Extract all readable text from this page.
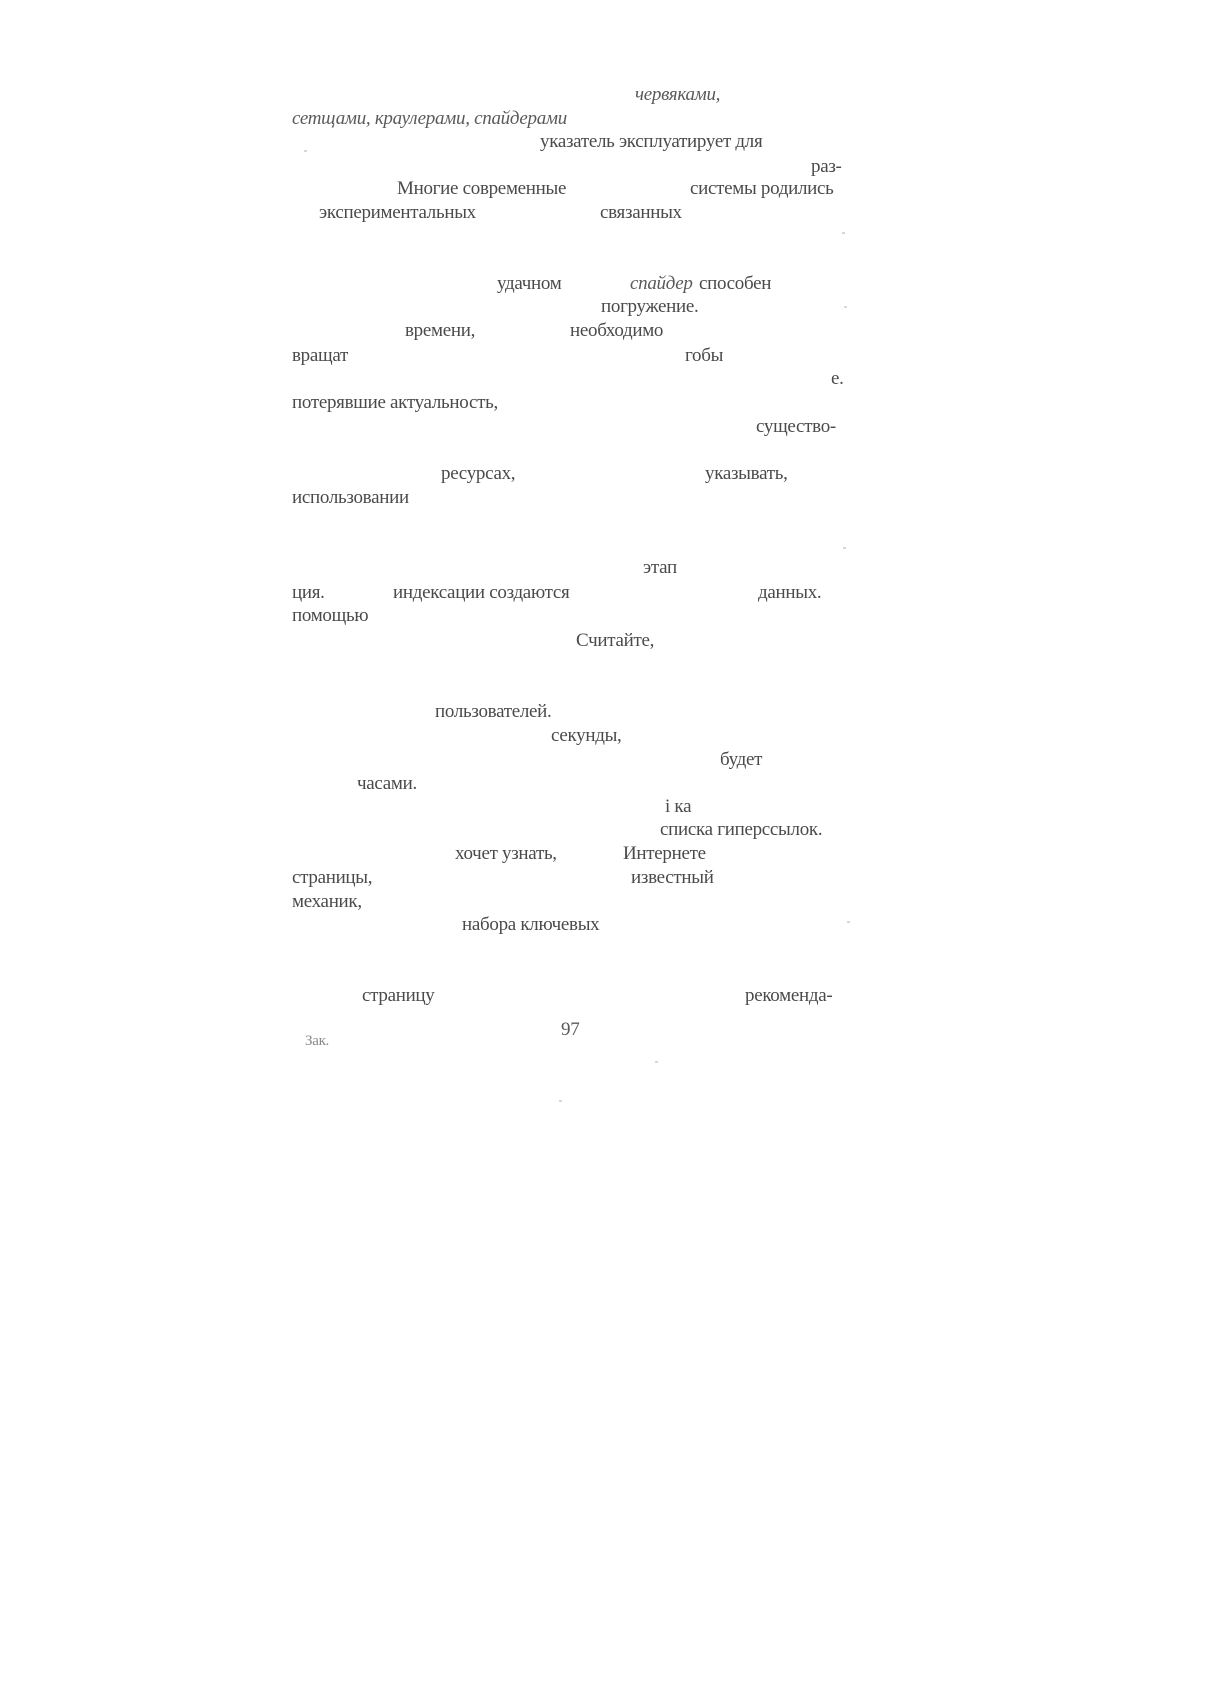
червяками,
сетщами, краулерами, спайдерами
указатель эксплуатирует для
раз-
Многие современные	системы родились
экспериментальных	связанных
удачном	спайдер способен
погружение.
времени,	необходимо
вращат	гобы
е.
потерявшие актуальность,
существо-
ресурсах,	указывать,
использовании
этап
ция.	индексации создаются	данных.
помощью
Считайте,
пользователей.
секунды,
будет
часами.
i ка
списка гиперссылок.
хочет узнать,	Интернете
страницы,	известный
механик,
набора ключевых
страницу	рекоменда-
97
Зак.
